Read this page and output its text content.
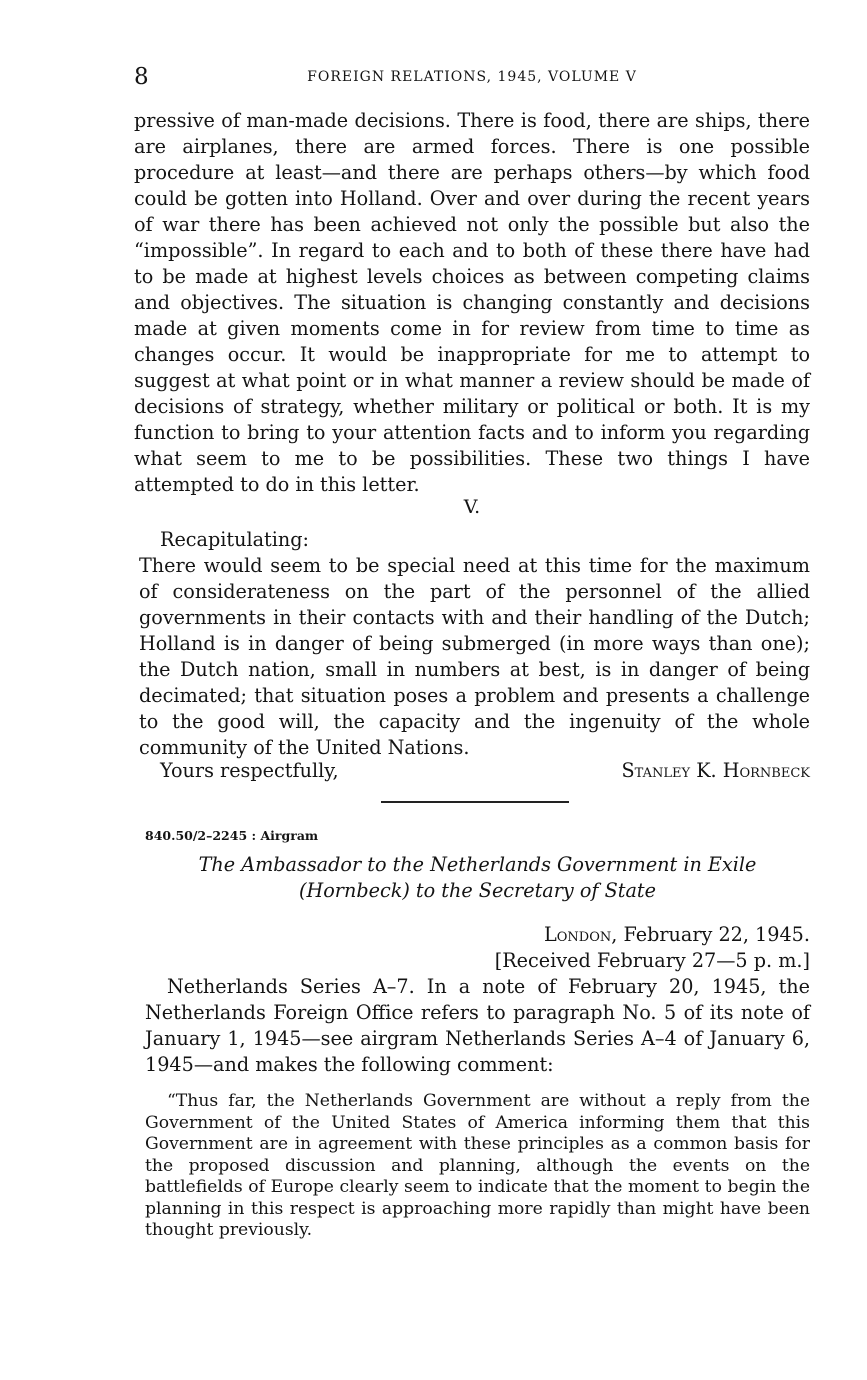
8	FOREIGN RELATIONS, 1945, VOLUME V

pressive of man-made decisions. There is food, there are ships, there are airplanes, there are armed forces. There is one possible procedure at least—and there are perhaps others—by which food could be gotten into Holland. Over and over during the recent years of war there has been achieved not only the possible but also the “impossible”. In regard to each and to both of these there have had to be made at highest levels choices as between competing claims and objectives. The situation is changing constantly and decisions made at given moments come in for review from time to time as changes occur. It would be inappropriate for me to attempt to suggest at what point or in what manner a review should be made of decisions of strategy, whether military or political or both. It is my function to bring to your attention facts and to inform you regarding what seem to me to be possibilities. These two things I have attempted to do in this letter.

V.
Recapitulating:

There would seem to be special need at this time for the maximum of considerateness on the part of the personnel of the allied governments in their contacts with and their handling of the Dutch; Holland is in danger of being submerged (in more ways than one); the Dutch nation, small in numbers at best, is in danger of being decimated; that situation poses a problem and presents a challenge to the good will, the capacity and the ingenuity of the whole community of the United Nations.

Yours respectfully,	Stanley K. Hornbeck
840.50/2–2245 : Airgram
The Ambassador to the Netherlands Government in Exile
(Hornbeck) to the Secretary of State
London, February 22, 1945.
[Received February 27—5 p. m.]

Netherlands Series A–7. In a note of February 20, 1945, the Netherlands Foreign Office refers to paragraph No. 5 of its note of January 1, 1945—see airgram Netherlands Series A–4 of January 6, 1945—and makes the following comment:

“Thus far, the Netherlands Government are without a reply from the Government of the United States of America informing them that this Government are in agreement with these principles as a common basis for the proposed discussion and planning, although the events on the battlefields of Europe clearly seem to indicate that the moment to begin the planning in this respect is approaching more rapidly than might have been thought previously.
